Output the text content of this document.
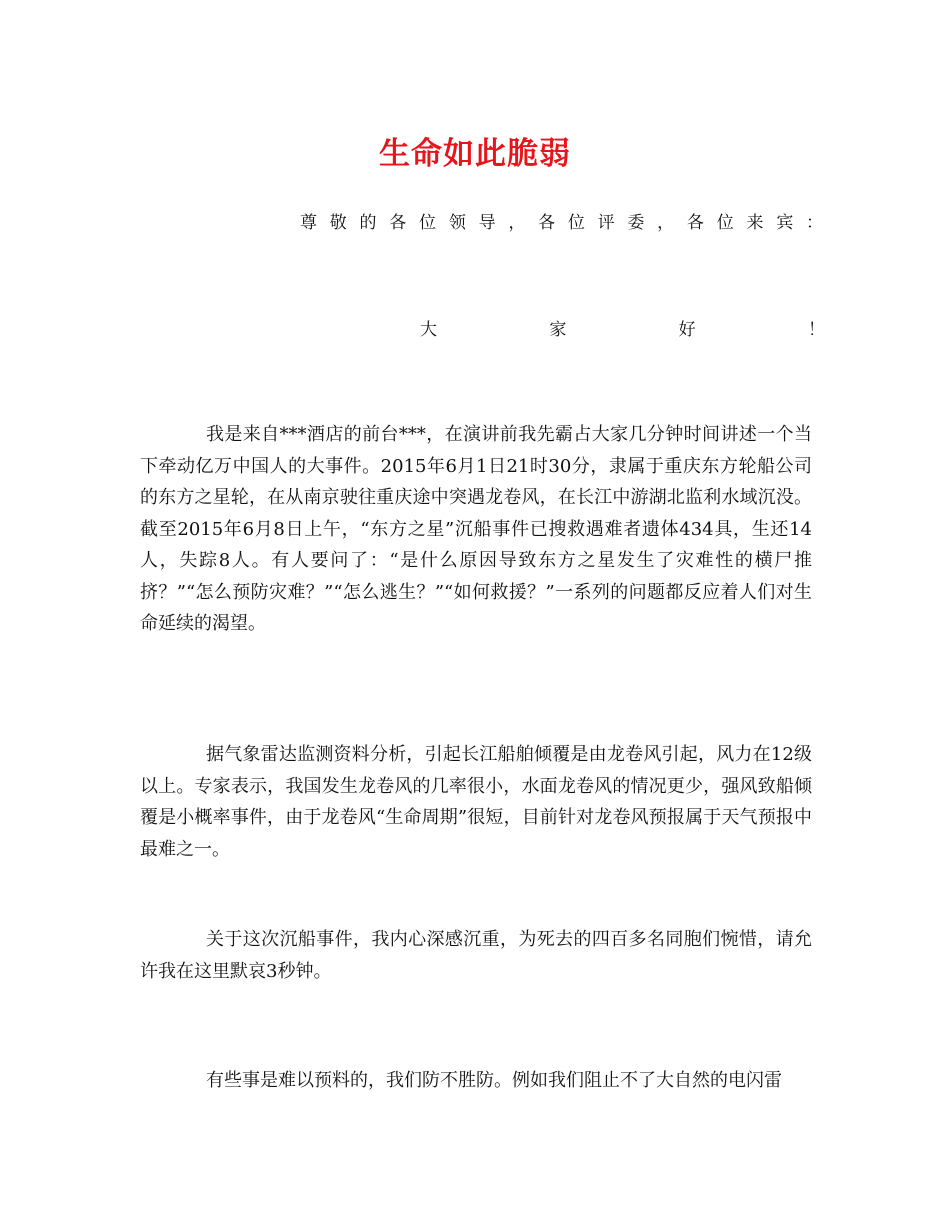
生命如此脆弱
尊 敬 的 各 位 领 导 ， 各 位 评 委 ， 各 位 来 宾 ：
大 家 好 ！

我是来自***酒店的前台***，在演讲前我先霸占大家几分钟时间讲述一个当下牵动亿万中国人的大事件。2015年6月1日21时30分，隶属于重庆东方轮船公司的东方之星轮，在从南京驶往重庆途中突遇龙卷风，在长江中游湖北监利水域沉没。截至2015年6月8日上午，“东方之星”沉船事件已搜救遇难者遗体434具，生还14人，失踪8人。有人要问了：“是什么原因导致东方之星发生了灾难性的横尸推挤？”“怎么预防灾难？”“怎么逃生？”“如何救援？”一系列的问题都反应着人们对生命延续的渴望。

据气象雷达监测资料分析，引起长江船舶倾覆是由龙卷风引起，风力在12级以上。专家表示，我国发生龙卷风的几率很小，水面龙卷风的情况更少，强风致船倾覆是小概率事件，由于龙卷风“生命周期”很短，目前针对龙卷风预报属于天气预报中最难之一。

关于这次沉船事件，我内心深感沉重，为死去的四百多名同胞们惋惜，请允许我在这里默哀3秒钟。

有些事是难以预料的，我们防不胜防。例如我们阻止不了大自然的电闪雷
